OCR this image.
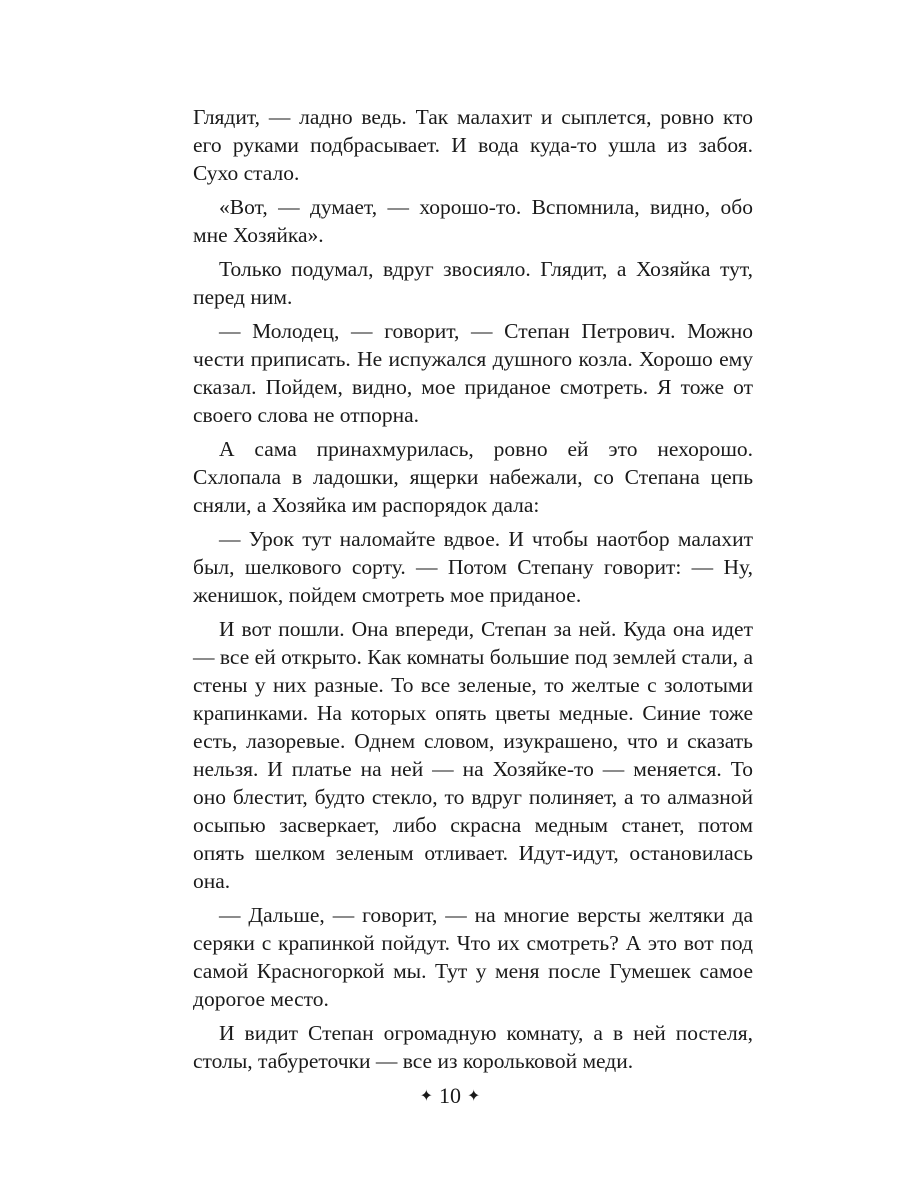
Глядит, — ладно ведь. Так малахит и сыплется, ровно кто его руками подбрасывает. И вода куда-то ушла из забоя. Сухо стало.

«Вот, — думает, — хорошо-то. Вспомнила, видно, обо мне Хозяйка».

Только подумал, вдруг звосияло. Глядит, а Хозяйка тут, перед ним.

— Молодец, — говорит, — Степан Петрович. Можно чести приписать. Не испужался душного козла. Хорошо ему сказал. Пойдем, видно, мое приданое смотреть. Я тоже от своего слова не отпорна.

А сама принахмурилась, ровно ей это нехорошо. Схлопала в ладошки, ящерки набежали, со Степана цепь сняли, а Хозяйка им распорядок дала:

— Урок тут наломайте вдвое. И чтобы наотбор малахит был, шелкового сорту. — Потом Степану говорит: — Ну, женишок, пойдем смотреть мое приданое.

И вот пошли. Она впереди, Степан за ней. Куда она идет — все ей открыто. Как комнаты большие под землей стали, а стены у них разные. То все зеленые, то желтые с золотыми крапинками. На которых опять цветы медные. Синие тоже есть, лазоревые. Однем словом, изукрашено, что и сказать нельзя. И платье на ней — на Хозяйке-то — меняется. То оно блестит, будто стекло, то вдруг полиняет, а то алмазной осыпью засверкает, либо скрасна медным станет, потом опять шелком зеленым отливает. Идут-идут, остановилась она.

— Дальше, — говорит, — на многие версты желтяки да серяки с крапинкой пойдут. Что их смотреть? А это вот под самой Красногоркой мы. Тут у меня после Гумешек самое дорогое место.

И видит Степан огромадную комнату, а в ней постеля, столы, табуреточки — все из корольковой меди.

✦ 10 ✦
